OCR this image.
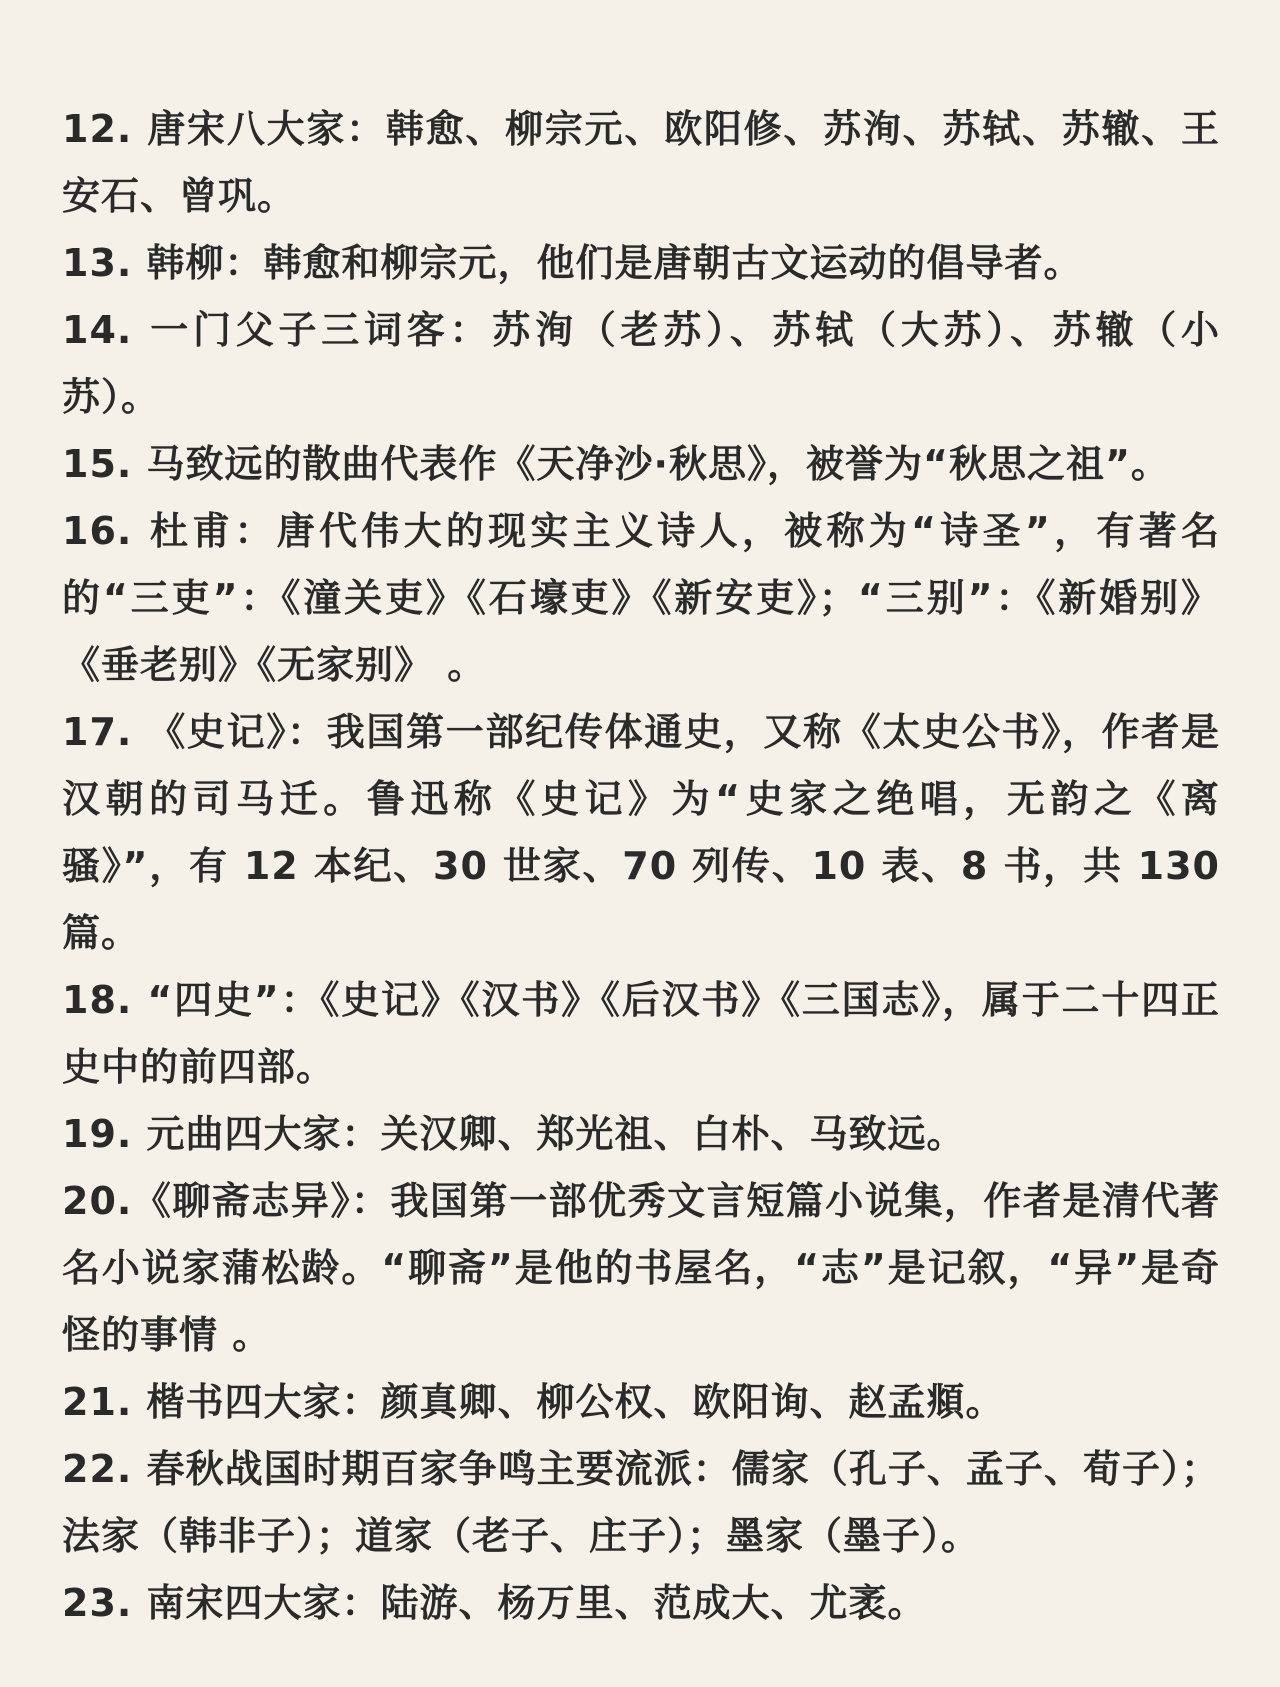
12. 唐宋八大家：韩愈、柳宗元、欧阳修、苏洵、苏轼、苏辙、王安石、曾巩。

13. 韩柳：韩愈和柳宗元，他们是唐朝古文运动的倡导者。

14. 一门父子三词客：苏洵（老苏）、苏轼（大苏）、苏辙（小苏）。

15. 马致远的散曲代表作《天净沙·秋思》，被誉为“秋思之祖”。

16. 杜甫：唐代伟大的现实主义诗人，被称为“诗圣”，有著名的“三吏”：《潼关吏》《石壕吏》《新安吏》；“三别”：《新婚别》《垂老别》《无家别》 。

17. 《史记》：我国第一部纪传体通史，又称《太史公书》，作者是汉朝的司马迁。鲁迅称《史记》为“史家之绝唱，无韵之《离骚》”，有 12 本纪、30 世家、70 列传、10 表、8 书，共 130 篇。

18. “四史”：《史记》《汉书》《后汉书》《三国志》，属于二十四正史中的前四部。

19. 元曲四大家：关汉卿、郑光祖、白朴、马致远。

20.《聊斋志异》：我国第一部优秀文言短篇小说集，作者是清代著名小说家蒲松龄。“聊斋”是他的书屋名，“志”是记叙，“异”是奇怪的事情 。

21. 楷书四大家：颜真卿、柳公权、欧阳询、赵孟頫。

22. 春秋战国时期百家争鸣主要流派：儒家（孔子、孟子、荀子）； 法家（韩非子）；道家（老子、庄子）；墨家（墨子）。

23. 南宋四大家：陆游、杨万里、范成大、尤袤。
